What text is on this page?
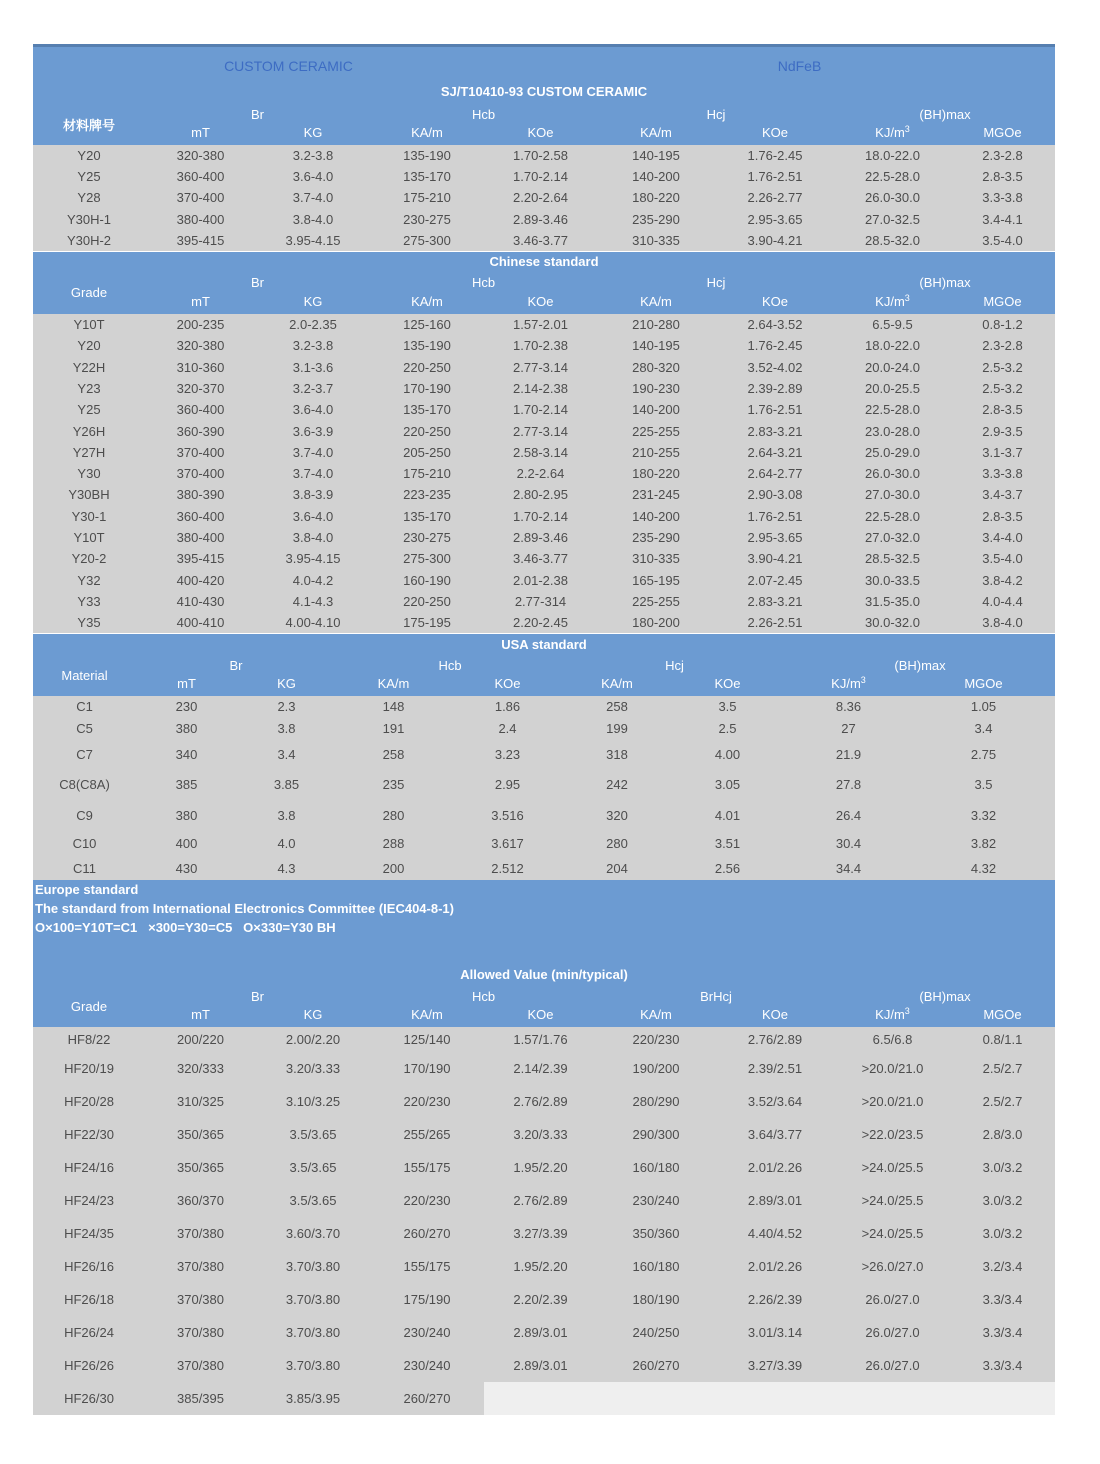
CUSTOM CERAMIC	NdFeB
SJ/T10410-93 CUSTOM CERAMIC
材料牌号
Br	Hcb	Hcj	(BH)max
mT	KG	KA/m	KOe	KA/m	KOe	KJ/m 3	MGOe
Y20	320-380	3.2-3.8	135-190	1.70-2.58	140-195	1.76-2.45	18.0-22.0	2.3-2.8
Y25	360-400	3.6-4.0	135-170	1.70-2.14	140-200	1.76-2.51	22.5-28.0	2.8-3.5
Y28	370-400	3.7-4.0	175-210	2.20-2.64	180-220	2.26-2.77	26.0-30.0	3.3-3.8
Y30H-1	380-400	3.8-4.0	230-275	2.89-3.46	235-290	2.95-3.65	27.0-32.5	3.4-4.1
Y30H-2	395-415	3.95-4.15	275-300	3.46-3.77	310-335	3.90-4.21	28.5-32.0	3.5-4.0
Chinese standard
Grade
Br	Hcb	Hcj	(BH)max
mT	KG	KA/m	KOe	KA/m	KOe	KJ/m 3	MGOe
Y10T	200-235	2.0-2.35	125-160	1.57-2.01	210-280	2.64-3.52	6.5-9.5	0.8-1.2
Y20	320-380	3.2-3.8	135-190	1.70-2.38	140-195	1.76-2.45	18.0-22.0	2.3-2.8
Y22H	310-360	3.1-3.6	220-250	2.77-3.14	280-320	3.52-4.02	20.0-24.0	2.5-3.2
Y23	320-370	3.2-3.7	170-190	2.14-2.38	190-230	2.39-2.89	20.0-25.5	2.5-3.2
Y25	360-400	3.6-4.0	135-170	1.70-2.14	140-200	1.76-2.51	22.5-28.0	2.8-3.5
Y26H	360-390	3.6-3.9	220-250	2.77-3.14	225-255	2.83-3.21	23.0-28.0	2.9-3.5
Y27H	370-400	3.7-4.0	205-250	2.58-3.14	210-255	2.64-3.21	25.0-29.0	3.1-3.7
Y30	370-400	3.7-4.0	175-210	2.2-2.64	180-220	2.64-2.77	26.0-30.0	3.3-3.8
Y30BH	380-390	3.8-3.9	223-235	2.80-2.95	231-245	2.90-3.08	27.0-30.0	3.4-3.7
Y30-1	360-400	3.6-4.0	135-170	1.70-2.14	140-200	1.76-2.51	22.5-28.0	2.8-3.5
Y10T	380-400	3.8-4.0	230-275	2.89-3.46	235-290	2.95-3.65	27.0-32.0	3.4-4.0
Y20-2	395-415	3.95-4.15	275-300	3.46-3.77	310-335	3.90-4.21	28.5-32.5	3.5-4.0
Y32	400-420	4.0-4.2	160-190	2.01-2.38	165-195	2.07-2.45	30.0-33.5	3.8-4.2
Y33	410-430	4.1-4.3	220-250	2.77-314	225-255	2.83-3.21	31.5-35.0	4.0-4.4
Y35	400-410	4.00-4.10	175-195	2.20-2.45	180-200	2.26-2.51	30.0-32.0	3.8-4.0
USA standard
Material
Br	Hcb	Hcj	(BH)max
mT	KG	KA/m	KOe	KA/m	KOe	KJ/m 3	MGOe
C1	230	2.3	148	1.86	258	3.5	8.36	1.05
C5	380	3.8	191	2.4	199	2.5	27	3.4
C7	340	3.4	258	3.23	318	4.00	21.9	2.75
C8(C8A)	385	3.85	235	2.95	242	3.05	27.8	3.5
C9	380	3.8	280	3.516	320	4.01	26.4	3.32
C10	400	4.0	288	3.617	280	3.51	30.4	3.82
C11	430	4.3	200	2.512	204	2.56	34.4	4.32
Europe standard
The standard from International Electronics Committee (IEC404-8-1)
O×100=Y10T=C1   ×300=Y30=C5   O×330=Y30 BH
Allowed Value (min/typical)
Grade
Br	Hcb	BrHcj	(BH)max
mT	KG	KA/m	KOe	KA/m	KOe	KJ/m 3	MGOe
HF8/22	200/220	2.00/2.20	125/140	1.57/1.76	220/230	2.76/2.89	6.5/6.8	0.8/1.1
HF20/19	320/333	3.20/3.33	170/190	2.14/2.39	190/200	2.39/2.51	>20.0/21.0	2.5/2.7
HF20/28	310/325	3.10/3.25	220/230	2.76/2.89	280/290	3.52/3.64	>20.0/21.0	2.5/2.7
HF22/30	350/365	3.5/3.65	255/265	3.20/3.33	290/300	3.64/3.77	>22.0/23.5	2.8/3.0
HF24/16	350/365	3.5/3.65	155/175	1.95/2.20	160/180	2.01/2.26	>24.0/25.5	3.0/3.2
HF24/23	360/370	3.5/3.65	220/230	2.76/2.89	230/240	2.89/3.01	>24.0/25.5	3.0/3.2
HF24/35	370/380	3.60/3.70	260/270	3.27/3.39	350/360	4.40/4.52	>24.0/25.5	3.0/3.2
HF26/16	370/380	3.70/3.80	155/175	1.95/2.20	160/180	2.01/2.26	>26.0/27.0	3.2/3.4
HF26/18	370/380	3.70/3.80	175/190	2.20/2.39	180/190	2.26/2.39	26.0/27.0	3.3/3.4
HF26/24	370/380	3.70/3.80	230/240	2.89/3.01	240/250	3.01/3.14	26.0/27.0	3.3/3.4
HF26/26	370/380	3.70/3.80	230/240	2.89/3.01	260/270	3.27/3.39	26.0/27.0	3.3/3.4
HF26/30	385/395	3.85/3.95	260/270
